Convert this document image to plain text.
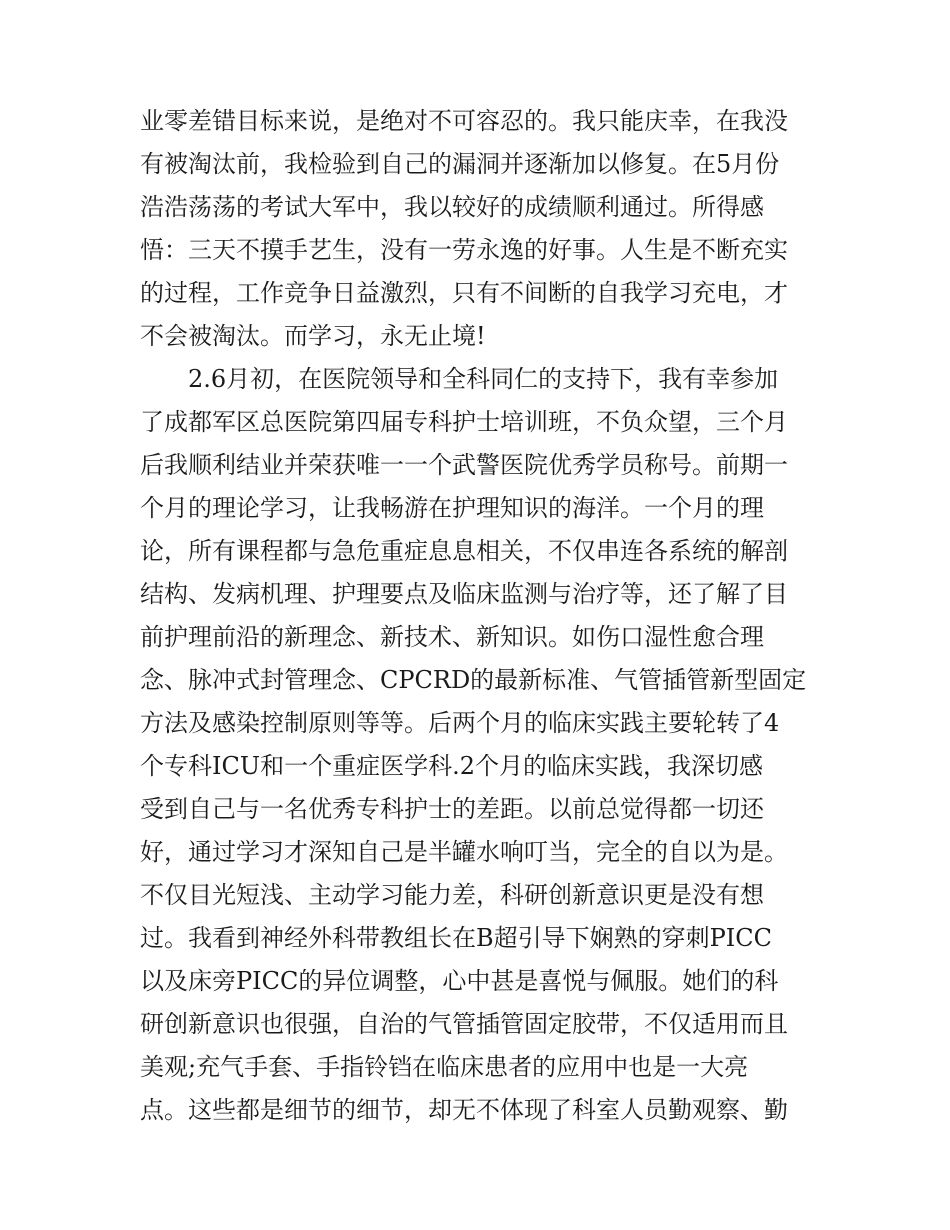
业零差错目标来说，是绝对不可容忍的。我只能庆幸，在我没
有被淘汰前，我检验到自己的漏洞并逐渐加以修复。在5月份
浩浩荡荡的考试大军中，我以较好的成绩顺利通过。所得感
悟：三天不摸手艺生，没有一劳永逸的好事。人生是不断充实
的过程，工作竞争日益激烈，只有不间断的自我学习充电，才
不会被淘汰。而学习，永无止境!
2.6月初，在医院领导和全科同仁的支持下，我有幸参加
了成都军区总医院第四届专科护士培训班，不负众望，三个月
后我顺利结业并荣获唯一一个武警医院优秀学员称号。前期一
个月的理论学习，让我畅游在护理知识的海洋。一个月的理
论，所有课程都与急危重症息息相关，不仅串连各系统的解剖
结构、发病机理、护理要点及临床监测与治疗等，还了解了目
前护理前沿的新理念、新技术、新知识。如伤口湿性愈合理
念、脉冲式封管理念、CPCRD的最新标准、气管插管新型固定
方法及感染控制原则等等。后两个月的临床实践主要轮转了4
个专科ICU和一个重症医学科.2个月的临床实践，我深切感
受到自己与一名优秀专科护士的差距。以前总觉得都一切还
好，通过学习才深知自己是半罐水响叮当，完全的自以为是。
不仅目光短浅、主动学习能力差，科研创新意识更是没有想
过。我看到神经外科带教组长在B超引导下娴熟的穿刺PICC
以及床旁PICC的异位调整，心中甚是喜悦与佩服。她们的科
研创新意识也很强，自治的气管插管固定胶带，不仅适用而且
美观;充气手套、手指铃铛在临床患者的应用中也是一大亮
点。这些都是细节的细节，却无不体现了科室人员勤观察、勤
